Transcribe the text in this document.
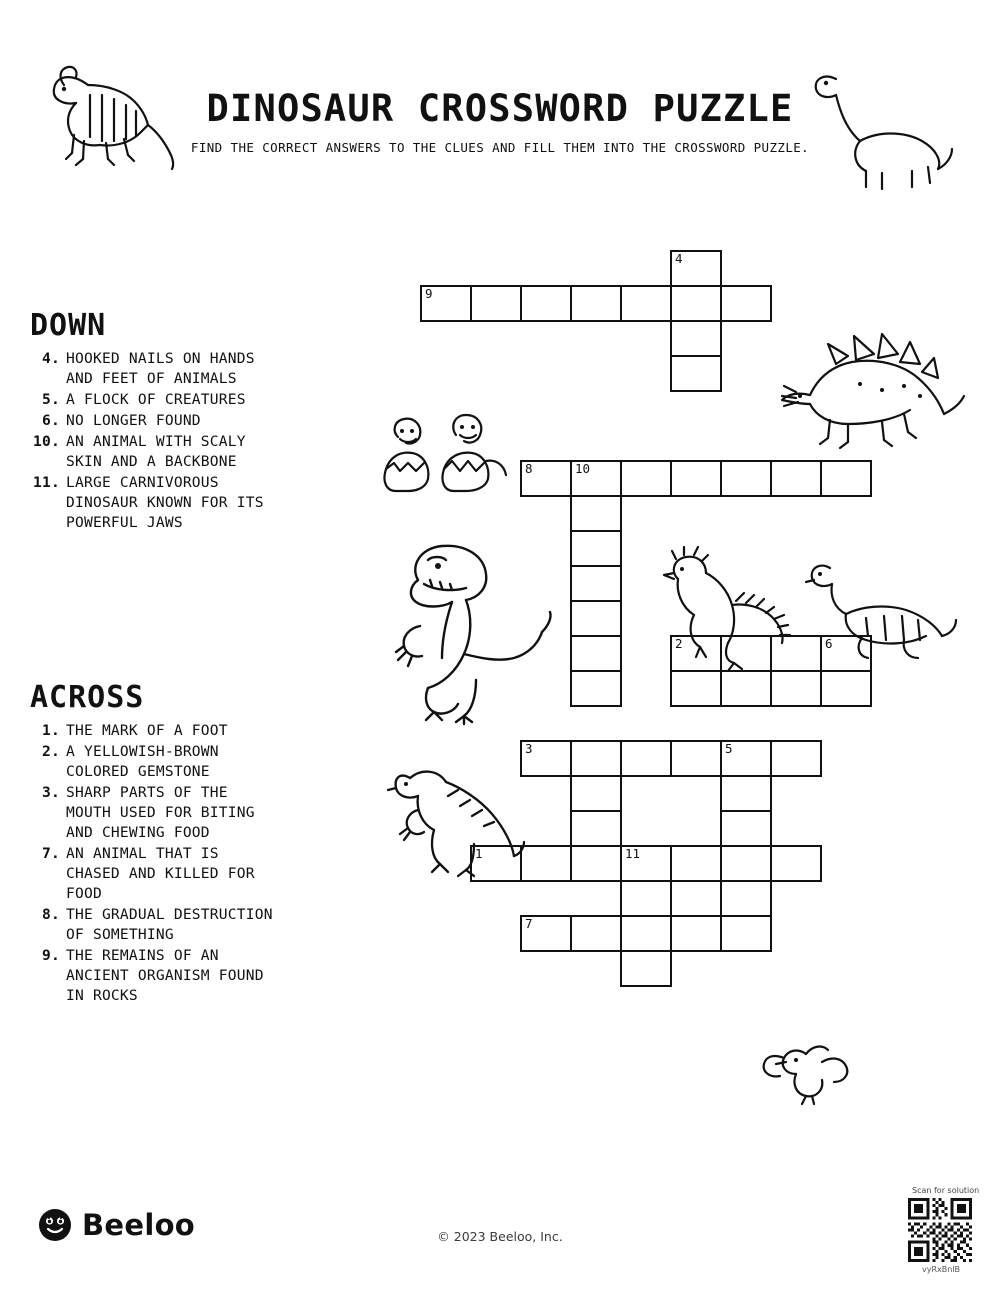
DINOSAUR CROSSWORD PUZZLE
FIND THE CORRECT ANSWERS TO THE CLUES AND FILL THEM INTO THE CROSSWORD PUZZLE.
DOWN
4. HOOKED NAILS ON HANDS AND FEET OF ANIMALS
5. A FLOCK OF CREATURES
6. NO LONGER FOUND
10. AN ANIMAL WITH SCALY SKIN AND A BACKBONE
11. LARGE CARNIVOROUS DINOSAUR KNOWN FOR ITS POWERFUL JAWS
ACROSS
1. THE MARK OF A FOOT
2. A YELLOWISH-BROWN COLORED GEMSTONE
3. SHARP PARTS OF THE MOUTH USED FOR BITING AND CHEWING FOOD
7. AN ANIMAL THAT IS CHASED AND KILLED FOR FOOD
8. THE GRADUAL DESTRUCTION OF SOMETHING
9. THE REMAINS OF AN ANCIENT ORGANISM FOUND IN ROCKS
4
9
8	10
2	6
3	5
1	11
7
Beeloo	© 2023 Beeloo, Inc.
Scan for solution
vyRxBnlB
